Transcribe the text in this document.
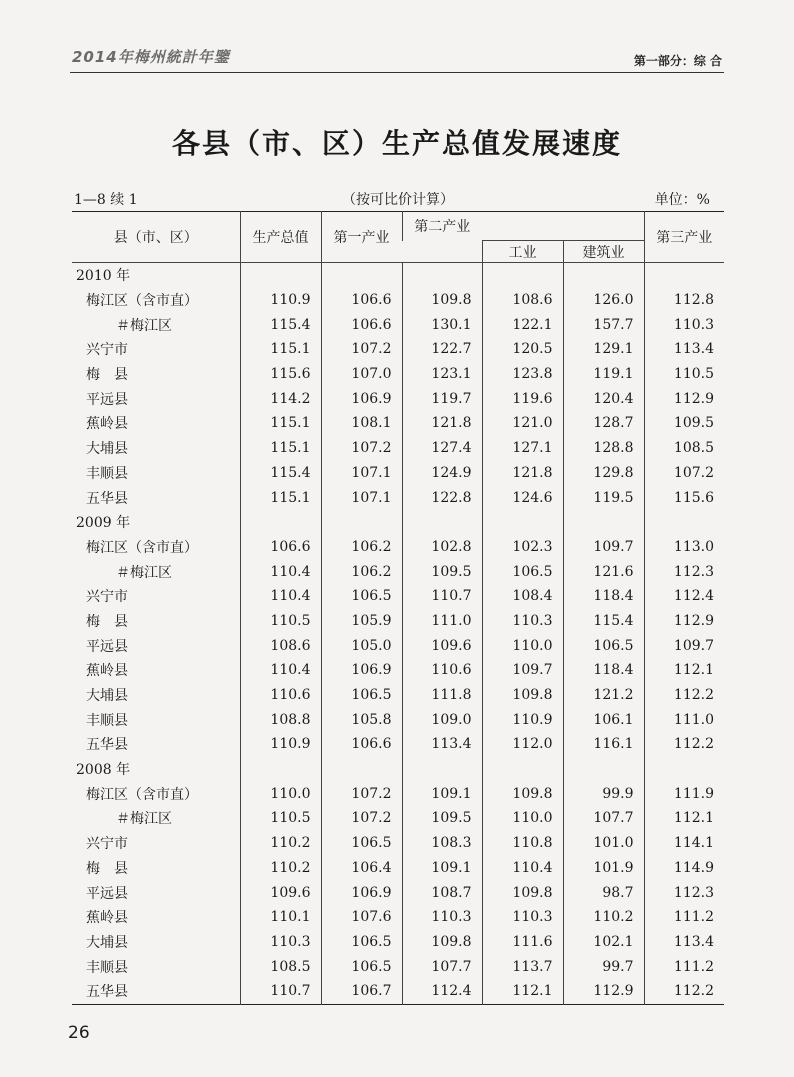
2014年梅州統計年鑒	第一部分：综 合
各县（市、区）生产总值发展速度
1—8 续 1	（按可比价计算）	单位：%
县（市、区）	生产总值	第一产业	第二产业			第三产业
				工业	建筑业	
2010 年						
梅江区（含市直）	110.9	106.6	109.8	108.6	126.0	112.8
＃梅江区	115.4	106.6	130.1	122.1	157.7	110.3
兴宁市	115.1	107.2	122.7	120.5	129.1	113.4
梅　县	115.6	107.0	123.1	123.8	119.1	110.5
平远县	114.2	106.9	119.7	119.6	120.4	112.9
蕉岭县	115.1	108.1	121.8	121.0	128.7	109.5
大埔县	115.1	107.2	127.4	127.1	128.8	108.5
丰顺县	115.4	107.1	124.9	121.8	129.8	107.2
五华县	115.1	107.1	122.8	124.6	119.5	115.6
2009 年						
梅江区（含市直）	106.6	106.2	102.8	102.3	109.7	113.0
＃梅江区	110.4	106.2	109.5	106.5	121.6	112.3
兴宁市	110.4	106.5	110.7	108.4	118.4	112.4
梅　县	110.5	105.9	111.0	110.3	115.4	112.9
平远县	108.6	105.0	109.6	110.0	106.5	109.7
蕉岭县	110.4	106.9	110.6	109.7	118.4	112.1
大埔县	110.6	106.5	111.8	109.8	121.2	112.2
丰顺县	108.8	105.8	109.0	110.9	106.1	111.0
五华县	110.9	106.6	113.4	112.0	116.1	112.2
2008 年						
梅江区（含市直）	110.0	107.2	109.1	109.8	99.9	111.9
＃梅江区	110.5	107.2	109.5	110.0	107.7	112.1
兴宁市	110.2	106.5	108.3	110.8	101.0	114.1
梅　县	110.2	106.4	109.1	110.4	101.9	114.9
平远县	109.6	106.9	108.7	109.8	98.7	112.3
蕉岭县	110.1	107.6	110.3	110.3	110.2	111.2
大埔县	110.3	106.5	109.8	111.6	102.1	113.4
丰顺县	108.5	106.5	107.7	113.7	99.7	111.2
五华县	110.7	106.7	112.4	112.1	112.9	112.2
26
